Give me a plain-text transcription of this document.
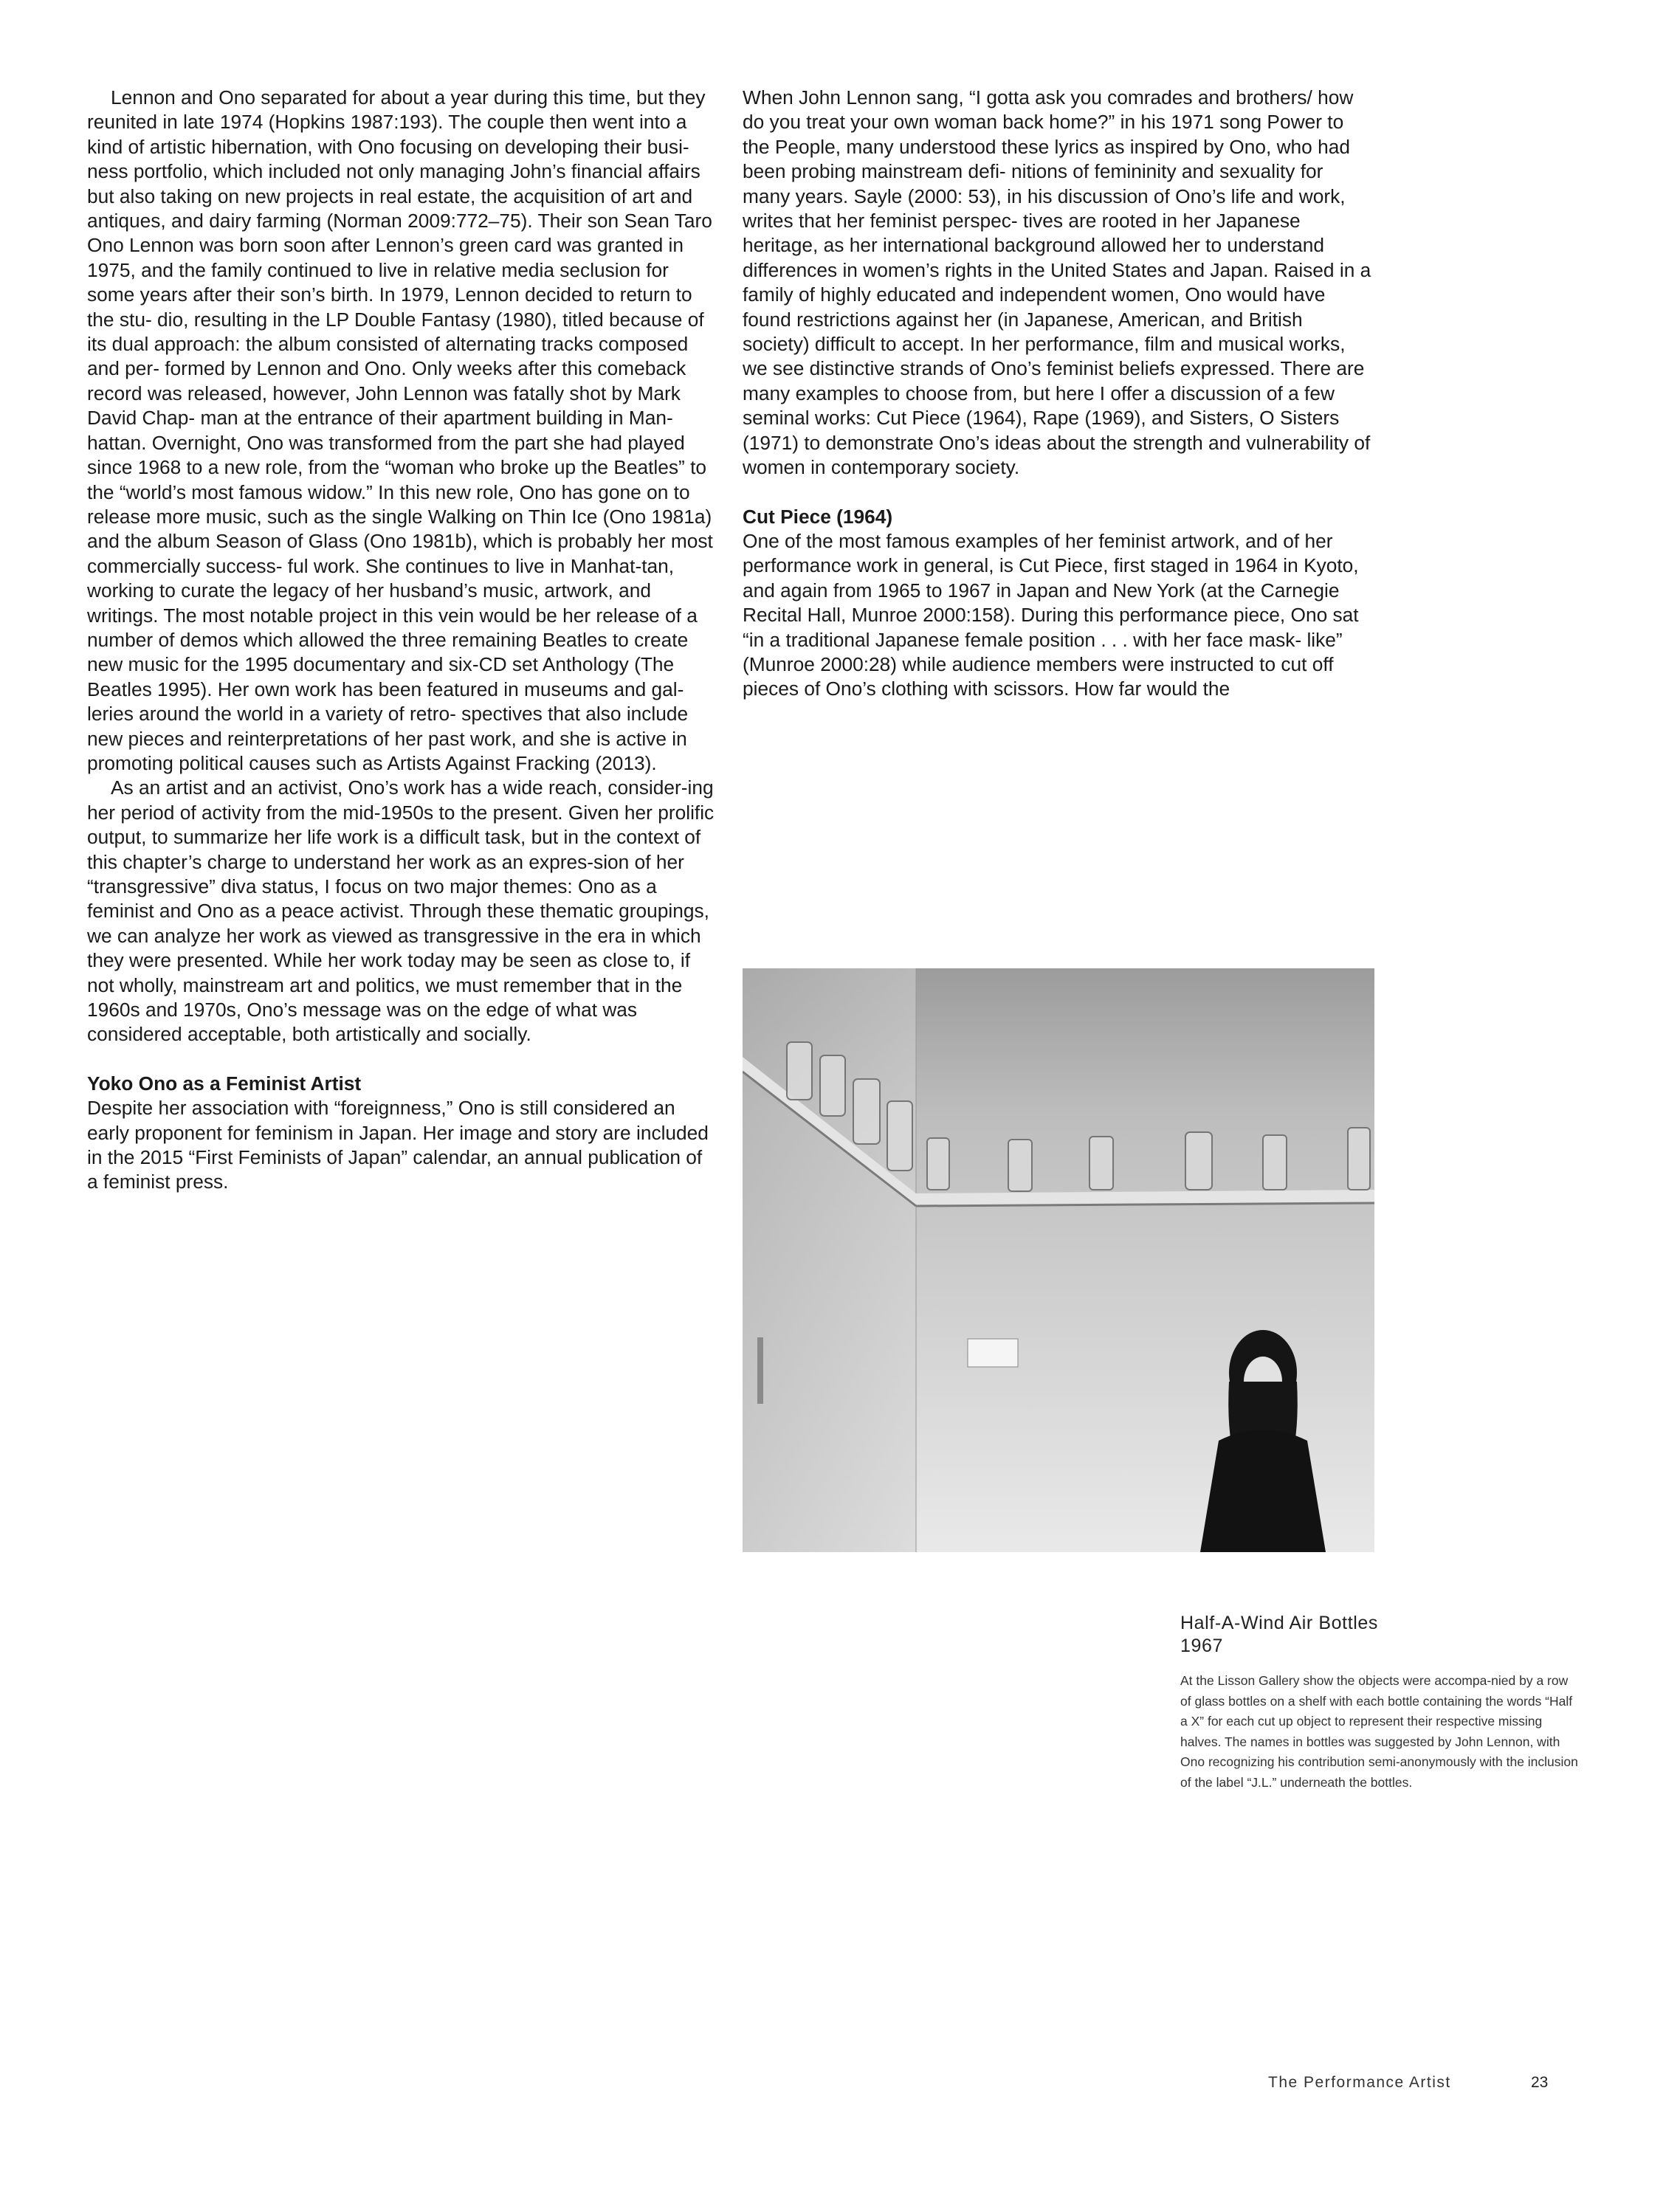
Lennon and Ono separated for about a year during this time, but they reunited in late 1974 (Hopkins 1987:193). The couple then went into a kind of artistic hibernation, with Ono focusing on developing their busi-ness portfolio, which included not only managing John’s financial affairs but also taking on new projects in real estate, the acquisition of art and antiques, and dairy farming (Norman 2009:772–75). Their son Sean Taro Ono Lennon was born soon after Lennon’s green card was granted in 1975, and the family continued to live in relative media seclusion for some years after their son’s birth. In 1979, Lennon decided to return to the stu- dio, resulting in the LP Double Fantasy (1980), titled because of its dual approach: the album consisted of alternating tracks composed and per- formed by Lennon and Ono. Only weeks after this comeback record was released, however, John Lennon was fatally shot by Mark David Chap- man at the entrance of their apartment building in Man-hattan. Overnight, Ono was transformed from the part she had played since 1968 to a new role, from the “woman who broke up the Beatles” to the “world’s most famous widow.” In this new role, Ono has gone on to release more music, such as the single Walking on Thin Ice (Ono 1981a) and the album Season of Glass (Ono 1981b), which is probably her most commercially success- ful work. She continues to live in Manhat-tan, working to curate the legacy of her husband’s music, artwork, and writings. The most notable project in this vein would be her release of a number of demos which allowed the three remaining Beatles to create new music for the 1995 documentary and six-CD set Anthology (The Beatles 1995). Her own work has been featured in museums and gal-leries around the world in a variety of retro- spectives that also include new pieces and reinterpretations of her past work, and she is active in promoting political causes such as Artists Against Fracking (2013).

As an artist and an activist, Ono’s work has a wide reach, consider-ing her period of activity from the mid-1950s to the present. Given her prolific output, to summarize her life work is a difficult task, but in the context of this chapter’s charge to understand her work as an expres-sion of her “transgressive” diva status, I focus on two major themes: Ono as a feminist and Ono as a peace activist. Through these thematic groupings, we can analyze her work as viewed as transgressive in the era in which they were presented. While her work today may be seen as close to, if not wholly, mainstream art and politics, we must remember that in the 1960s and 1970s, Ono’s message was on the edge of what was considered acceptable, both artistically and socially.

Yoko Ono as a Feminist Artist

Despite her association with “foreignness,” Ono is still considered an early proponent for feminism in Japan. Her image and story are included in the 2015 “First Feminists of Japan” calendar, an annual publication of a feminist press.

When John Lennon sang, “I gotta ask you comrades and brothers/ how do you treat your own woman back home?” in his 1971 song Power to the People, many understood these lyrics as inspired by Ono, who had been probing mainstream defi- nitions of femininity and sexuality for many years. Sayle (2000: 53), in his discussion of Ono’s life and work, writes that her feminist perspec- tives are rooted in her Japanese heritage, as her international background allowed her to understand differences in women’s rights in the United States and Japan. Raised in a family of highly educated and independent women, Ono would have found restrictions against her (in Japanese, American, and British society) difficult to accept. In her performance, film and musical works, we see distinctive strands of Ono’s feminist beliefs expressed. There are many examples to choose from, but here I offer a discussion of a few seminal works: Cut Piece (1964), Rape (1969), and Sisters, O Sisters (1971) to demonstrate Ono’s ideas about the strength and vulnerability of women in contemporary society.

Cut Piece (1964)

One of the most famous examples of her feminist artwork, and of her performance work in general, is Cut Piece, first staged in 1964 in Kyoto, and again from 1965 to 1967 in Japan and New York (at the Carnegie Recital Hall, Munroe 2000:158). During this performance piece, Ono sat “in a traditional Japanese female position . . . with her face mask- like” (Munroe 2000:28) while audience members were instructed to cut off pieces of Ono’s clothing with scissors. How far would the

Half-A-Wind Air Bottles
1967
At the Lisson Gallery show the objects were accompa-nied by a row of glass bottles on a shelf with each bottle containing the words “Half a X” for each cut up object to represent their respective missing halves. The names in bottles was suggested by John Lennon, with Ono recognizing his contribution semi-anonymously with the inclusion of the label “J.L.” underneath the bottles.
The Performance Artist	23
